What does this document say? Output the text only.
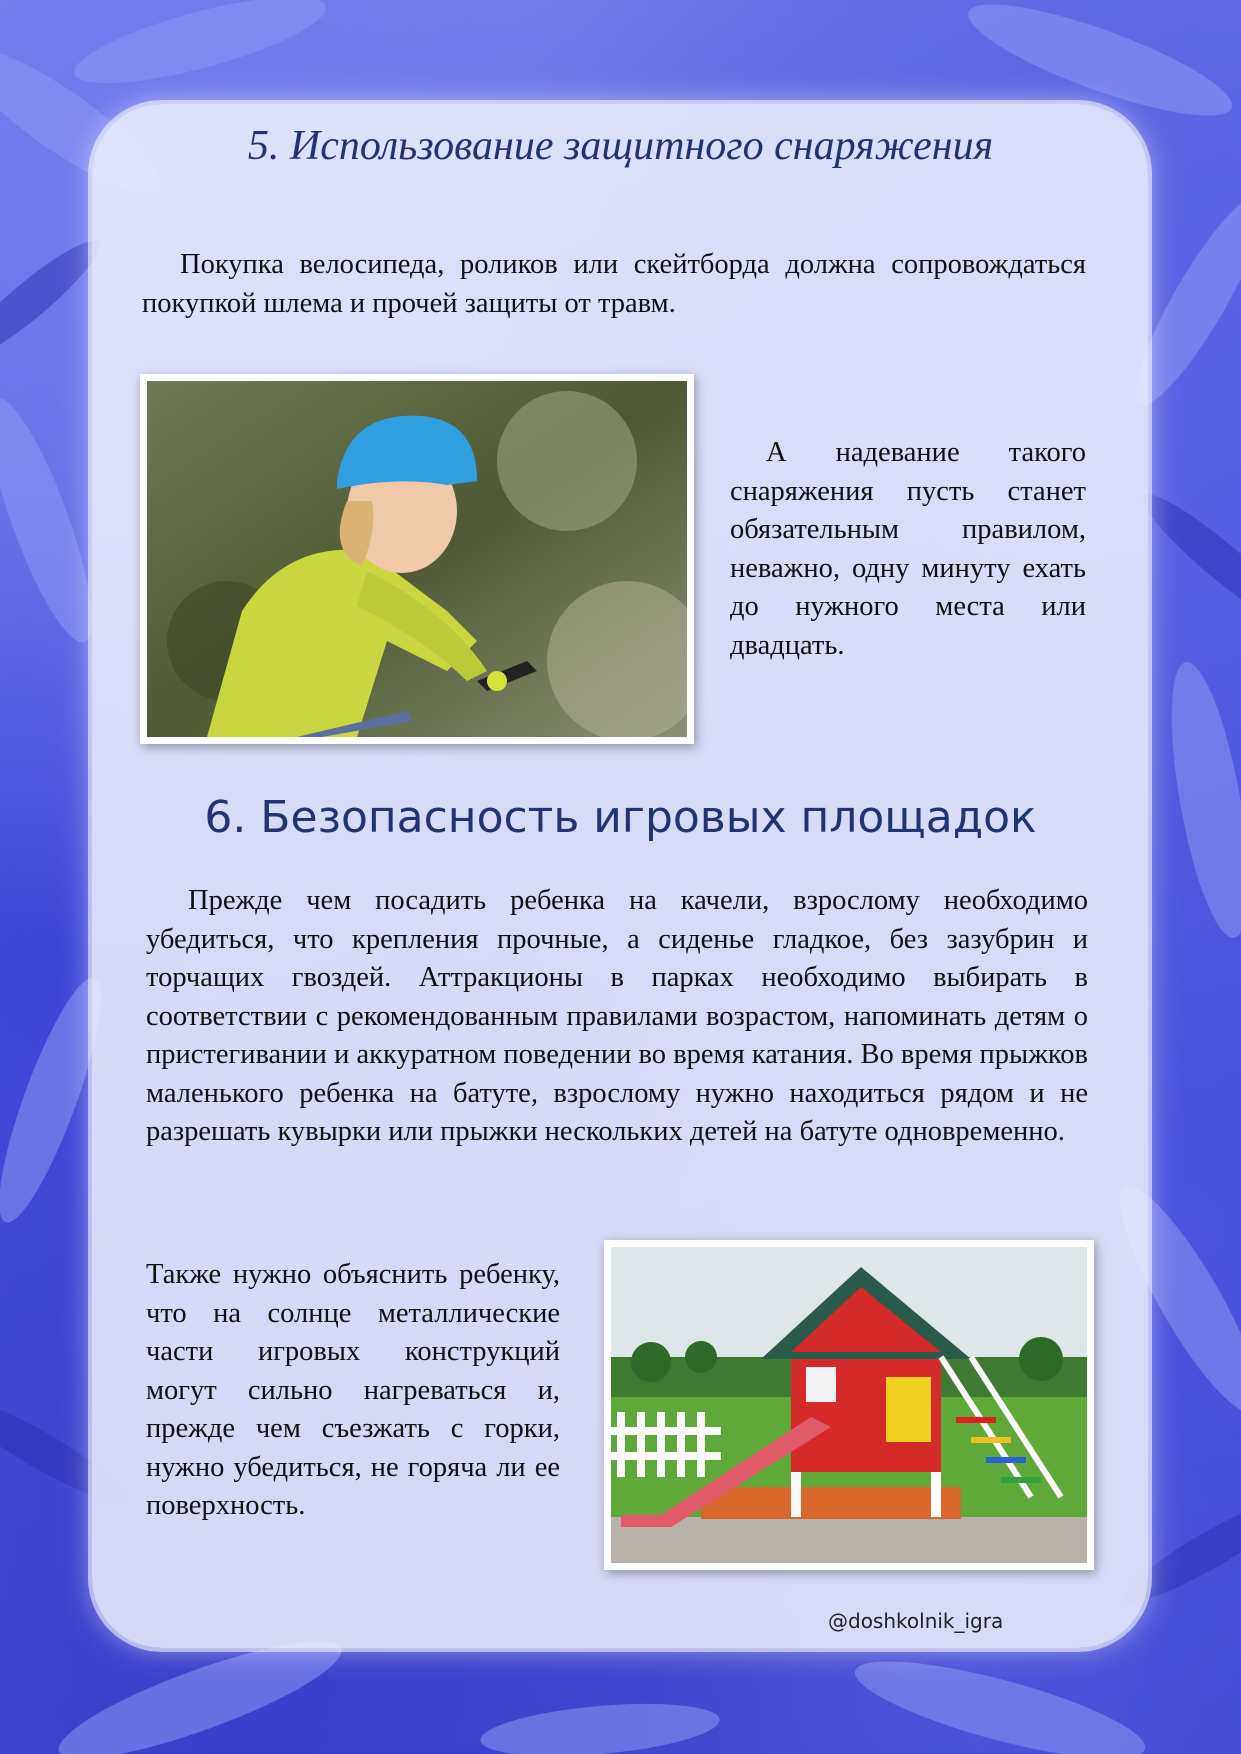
5. Использование защитного снаряжения

Покупка велосипеда, роликов или скейтборда должна сопровождаться покупкой шлема и прочей защиты от травм.

А надевание такого снаряжения пусть станет обязательным правилом, неважно, одну минуту ехать до нужного места или двадцать.

6. Безопасность игровых площадок

Прежде чем посадить ребенка на качели, взрослому необходимо убедиться, что крепления прочные, а сиденье гладкое, без зазубрин и торчащих гвоздей. Аттракционы в парках необходимо выбирать в соответствии с рекомендованным правилами возрастом, напоминать детям о пристегивании и аккуратном поведении во время катания. Во время прыжков маленького ребенка на батуте, взрослому нужно находиться рядом и не разрешать кувырки или прыжки нескольких детей на батуте одновременно.

Также нужно объяснить ребенку, что на солнце металлические части игровых конструкций могут сильно нагреваться и, прежде чем съезжать с горки, нужно убедиться, не горяча ли ее поверхность.

@doshkolnik_igra
